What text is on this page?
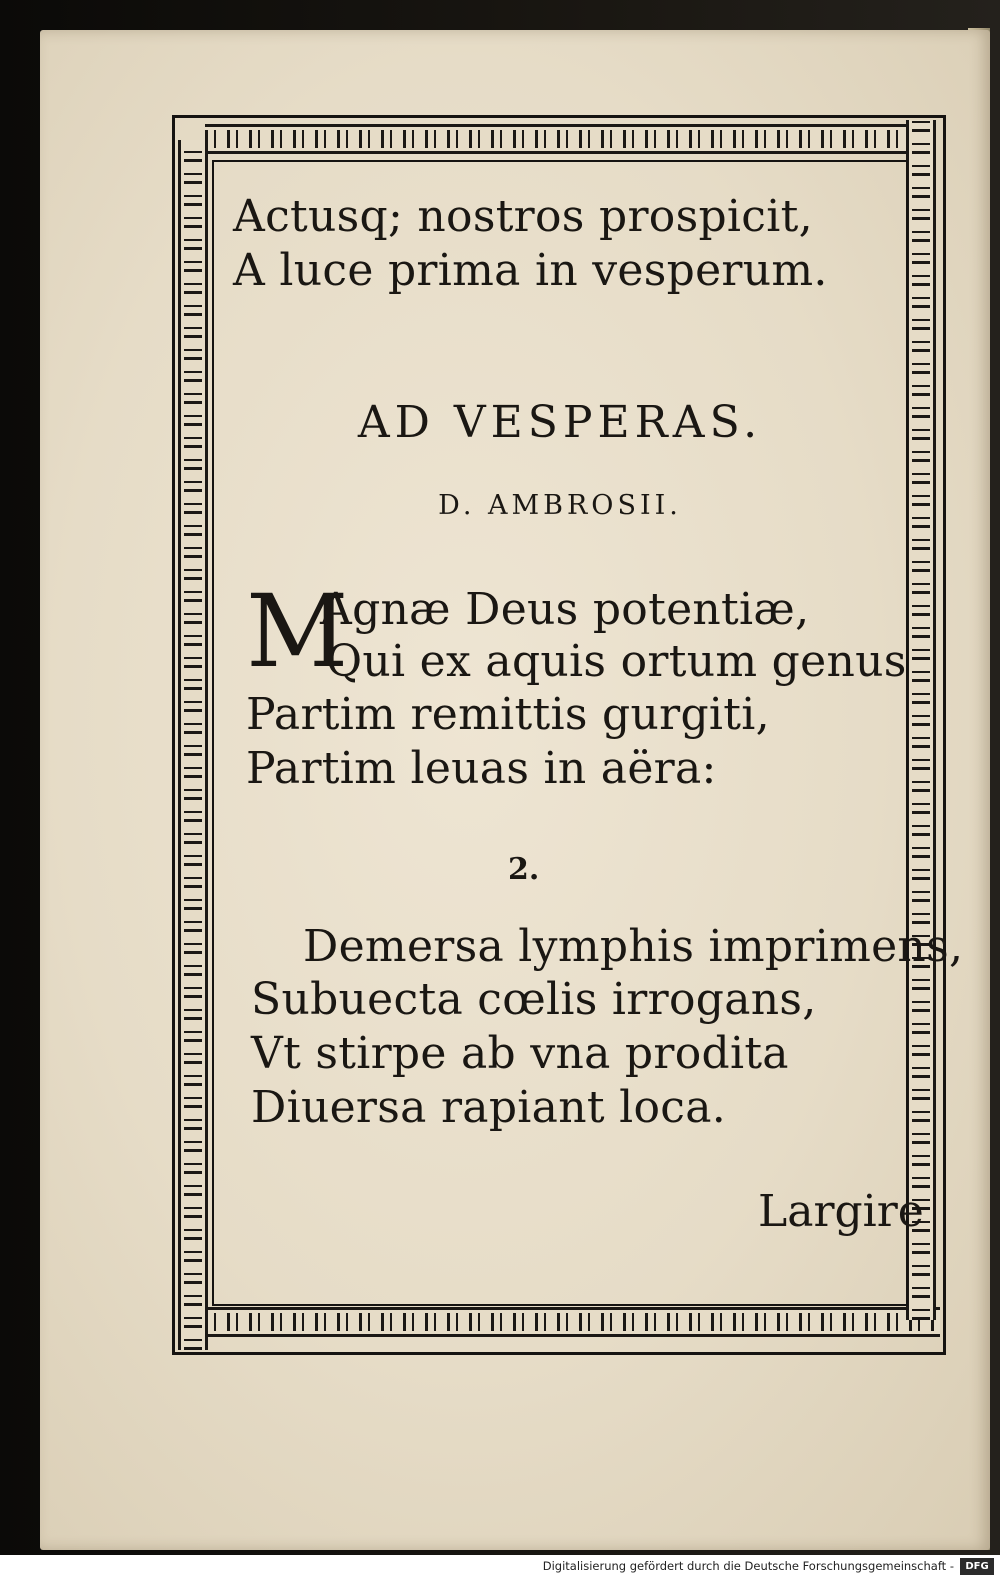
Actusq; nostros prospicit,
A luce prima in vesperum.
AD VESPERAS.
D. AMBROSII.
M
Agnæ Deus potentiæ,
Qui ex aquis ortum genus
Partim remittis gurgiti,
Partim leuas in aëra:
2.
Demersa lymphis imprimens,
Subuecta cœlis irrogans,
Vt stirpe ab vna prodita
Diuersa rapiant loca.
Largire
Digitalisierung gefördert durch die Deutsche Forschungsgemeinschaft -	DFG
